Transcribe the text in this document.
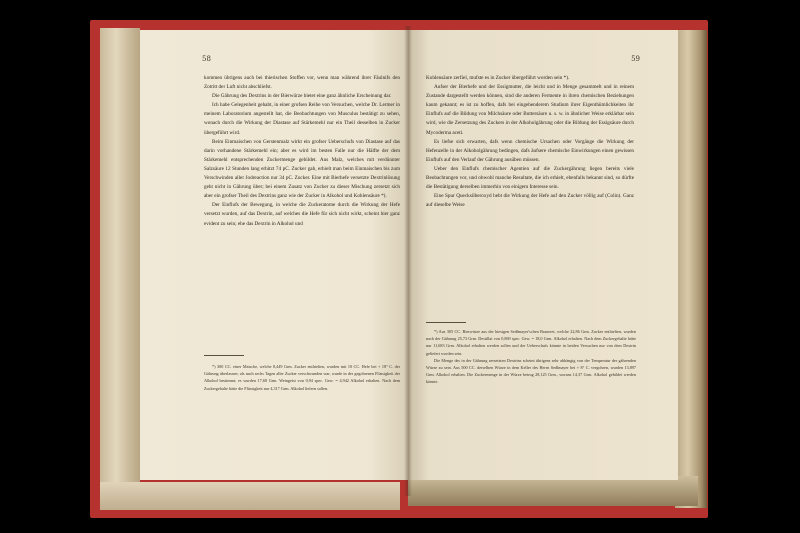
58

kommen übrigens auch bei thierischen Stoffen vor, wenn man während ihrer Fäulnifs den Zotritt der Luft nicht abschliefst.

Die Gährung des Dextrins in der Bierwürze bietet eine ganz ähnliche Erscheinung dar.

Ich habe Gelegenheit gehabt, in einer grofsen Reihe von Versuchen, welche Dr. Lermer in meinem Laboratorium angestellt hat, die Beobachtungen von Musculus bestätigt zu sehen, wonach durch die Wirkung der Diastase auf Stärkemehl nur ein Theil desselben in Zucker übergeführt wird.

Beim Einmaischen von Gerstenmalz wirkt ein grofser Ueberschufs von Diastase auf das darin vorhandene Stärkemehl ein; aber es wird im besten Falle nur die Hälfte der dem Stärkemehl entsprechenden Zuckermenge gebildet. Aus Malz, welches mit verdünnter Salzsäure 12 Stunden lang erhitzt 74 pC. Zucker gab, erhielt man beim Einmaischen bis zum Verschwinden aller Jodreaction nur 34 pC. Zucker. Eine mit Bierhefe versetzte Dextrinlösung geht nicht in Gährung über; bei einem Zusatz von Zucker zu dieser Mischung zersetzt sich aber ein grofser Theil des Dextrins ganz wie der Zucker in Alkohol und Kohlensäure *).

Der Einflufs der Bewegung, in welche die Zuckeratome durch die Wirkung der Hefe versetzt wurden, auf das Dextrin, auf welches die Hefe für sich nicht wirkt, scheint hier ganz evident zu sein; ehe das Dextrin in Alkohol und

*) 300 CC. einer Maische, welche 8,449 Grm. Zucker enthielten, wurden mit 10 CC. Hefe bei + 18° C. der Gährung überlassen; als nach sechs Tagen aller Zucker verschwunden war, wurde in der gegohrenen Flüssigkeit der Alkohol bestimmt; es wurden 17,68 Grm. Weingeist von 0,94 spec. Gew. = 4,942 Alkohol erhalten. Nach dem Zuckergehalte hätte die Flüssigkeit nur 4,317 Grm. Alkohol liefern sollen.

59

Kohlensäure zerfiel, mufste es in Zucker übergeführt worden sein *).

Aufser der Bierhefe und der Essigmutter, die leicht und in Menge gesammelt und in reinem Zustande dargestellt werden können, sind die anderen Fermente in ihren chemischen Beziehungen kaum gekannt; es ist zu hoffen, dafs bei eingehenderem Studium ihrer Eigenthümlichkeiten ihr Einflufs auf die Bildung von Milchsäure oder Buttersäure u. s. w. in ähnlicher Weise erklärbar sein wird, wie die Zersetzung des Zuckers in der Alkoholgährung oder die Bildung der Essigsäure durch Mycoderma aceti.

Es liefse sich erwarten, dafs wenn chemische Ursachen oder Vorgänge die Wirkung der Hefenzelle in der Alkoholgährung bedingen, dafs äufsere chemische Einwirkungen einen gewissen Einflufs auf den Verlauf der Gährung ausüben müssen.

Ueber den Einflufs chemischer Agentien auf die Zuckergährung liegen bereits viele Beobachtungen vor, und obwohl manche Resultate, die ich erhielt, ebenfalls bekannt sind, so dürfte die Bestätigung derselben immerhin von einigem Interesse sein.

Eine Spur Quecksilberoxyd hebt die Wirkung der Hefe auf den Zucker völlig auf (Colin). Ganz auf dieselbe Weise

*) Aus 305 CC. Bierwürze aus der hiesigen Sedlmayer'schen Brauerei, welche 22,86 Grm. Zucker enthielten, wurden nach der Gährung 25,73 Grm. Destillat von 0,869 spec. Gew. = 18,0 Grm. Alkohol erhalten. Nach dem Zuckergehalte hätte nur 11,683 Grm. Alkohol erhalten werden sollen und der Ueberschufs könnte in beiden Versuchen nur von dem Dextrin geliefert worden sein.

Die Menge des in der Gährung zersetzten Dextrins scheint übrigens sehr abhängig von der Temperatur der gährenden Würze zu sein. Aus 500 CC. derselben Würze in dem Keller des Herrn Sedlmayer bei + 8° C. vergohren, wurden 13,897 Grm. Alkohol erhalten. Die Zuckermenge in der Würze betrug 28,125 Grm., worans 14,37 Grm. Alkohol gebildet werden könnte.
